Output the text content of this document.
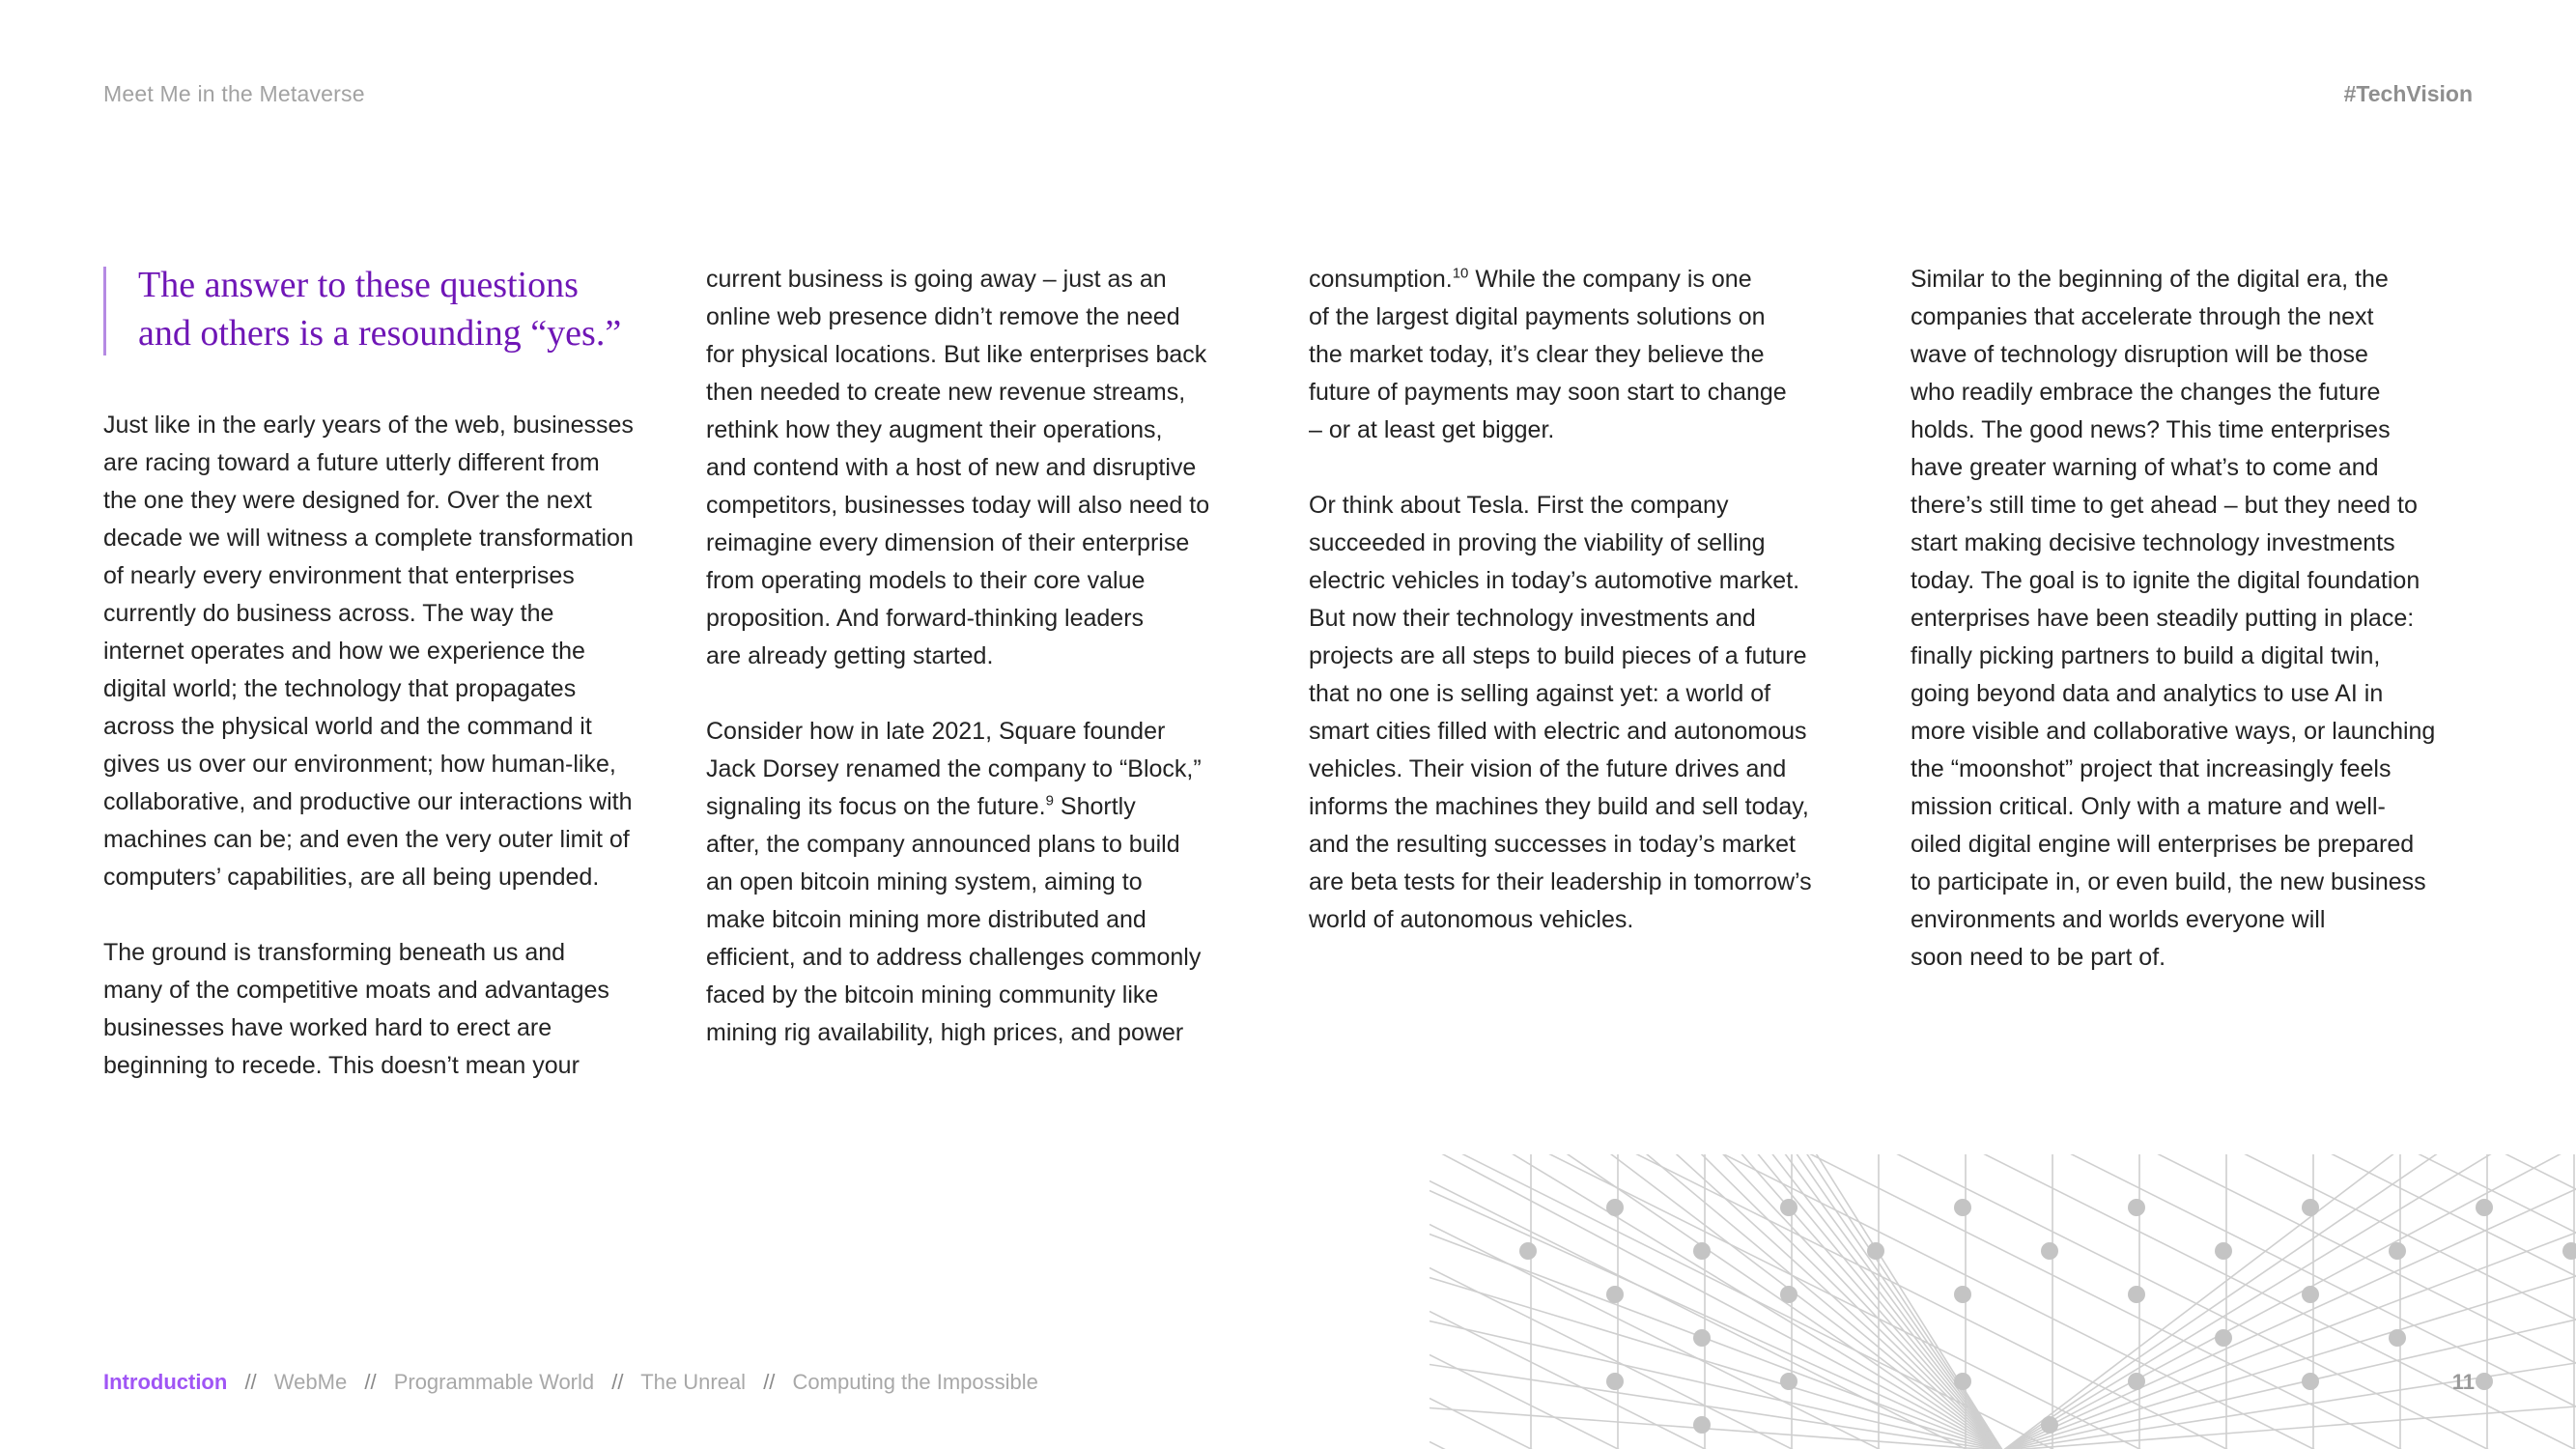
Meet Me in the Metaverse	#TechVision
The answer to these questions
and others is a resounding “yes.”

Just like in the early years of the web, businesses
are racing toward a future utterly different from
the one they were designed for. Over the next
decade we will witness a complete transformation
of nearly every environment that enterprises
currently do business across. The way the
internet operates and how we experience the
digital world; the technology that propagates
across the physical world and the command it
gives us over our environment; how human-like,
collaborative, and productive our interactions with
machines can be; and even the very outer limit of
computers’ capabilities, are all being upended.

The ground is transforming beneath us and
many of the competitive moats and advantages
businesses have worked hard to erect are
beginning to recede. This doesn’t mean your

current business is going away – just as an
online web presence didn’t remove the need
for physical locations. But like enterprises back
then needed to create new revenue streams,
rethink how they augment their operations,
and contend with a host of new and disruptive
competitors, businesses today will also need to
reimagine every dimension of their enterprise
from operating models to their core value
proposition. And forward-thinking leaders
are already getting started.

Consider how in late 2021, Square founder
Jack Dorsey renamed the company to “Block,”
signaling its focus on the future.$^9$ Shortly
after, the company announced plans to build
an open bitcoin mining system, aiming to
make bitcoin mining more distributed and
efficient, and to address challenges commonly
faced by the bitcoin mining community like
mining rig availability, high prices, and power

consumption.$^{10}$ While the company is one
of the largest digital payments solutions on
the market today, it’s clear they believe the
future of payments may soon start to change
– or at least get bigger.

Or think about Tesla. First the company
succeeded in proving the viability of selling
electric vehicles in today’s automotive market.
But now their technology investments and
projects are all steps to build pieces of a future
that no one is selling against yet: a world of
smart cities filled with electric and autonomous
vehicles. Their vision of the future drives and
informs the machines they build and sell today,
and the resulting successes in today’s market
are beta tests for their leadership in tomorrow’s
world of autonomous vehicles.

Similar to the beginning of the digital era, the
companies that accelerate through the next
wave of technology disruption will be those
who readily embrace the changes the future
holds. The good news? This time enterprises
have greater warning of what’s to come and
there’s still time to get ahead – but they need to
start making decisive technology investments
today. The goal is to ignite the digital foundation
enterprises have been steadily putting in place:
finally picking partners to build a digital twin,
going beyond data and analytics to use AI in
more visible and collaborative ways, or launching
the “moonshot” project that increasingly feels
mission critical. Only with a mature and well-
oiled digital engine will enterprises be prepared
to participate in, or even build, the new business
environments and worlds everyone will
soon need to be part of.

Introduction // WebMe // Programmable World // The Unreal // Computing the Impossible	11
